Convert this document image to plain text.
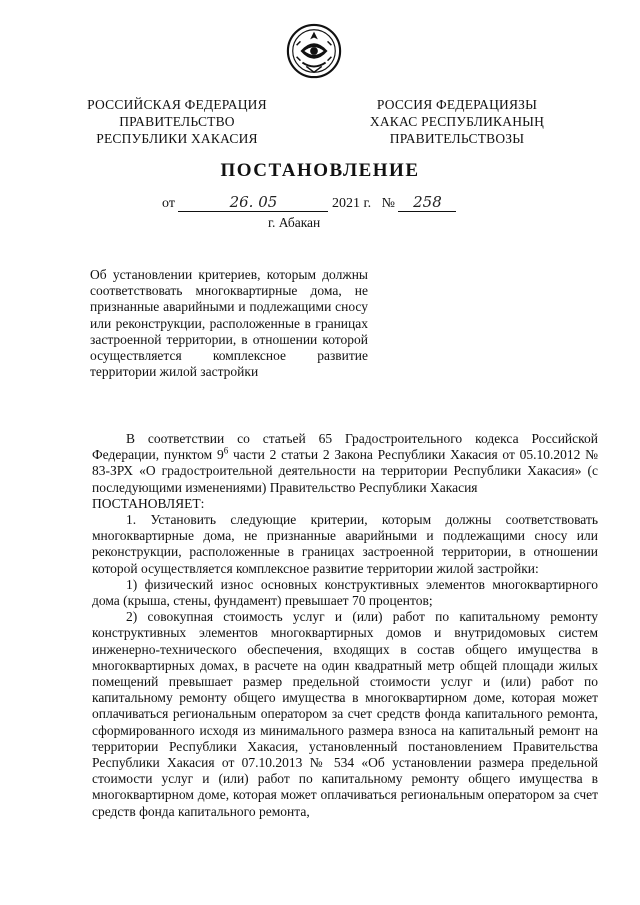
РОССИЙСКАЯ ФЕДЕРАЦИЯ
ПРАВИТЕЛЬСТВО
РЕСПУБЛИКИ ХАКАСИЯ
РОССИЯ ФЕДЕРАЦИЯЗЫ
ХАКАС РЕСПУБЛИКАНЫҢ
ПРАВИТЕЛЬСТВОЗЫ
ПОСТАНОВЛЕНИЕ
от	26. 05	2021 г. № 258
г. Абакан
Об установлении критериев, которым должны соответствовать многоквартирные дома, не признанные аварийными и подлежащими сносу или реконструкции, расположенные в границах застроенной территории, в отношении которой осуществляется комплексное развитие территории жилой застройки

В соответствии со статьей 65 Градостроительного кодекса Российской Федерации, пунктом $9^6$ части 2 статьи 2 Закона Республики Хакасия от 05.10.2012 № 83-ЗРХ «О градостроительной деятельности на территории Республики Хакасия» (с последующими изменениями) Правительство Республики Хакасия

ПОСТАНОВЛЯЕТ:

1. Установить следующие критерии, которым должны соответствовать многоквартирные дома, не признанные аварийными и подлежащими сносу или реконструкции, расположенные в границах застроенной территории, в отношении которой осуществляется комплексное развитие территории жилой застройки:

1) физический износ основных конструктивных элементов многоквартирного дома (крыша, стены, фундамент) превышает 70 процентов;

2) совокупная стоимость услуг и (или) работ по капитальному ремонту конструктивных элементов многоквартирных домов и внутридомовых систем инженерно-технического обеспечения, входящих в состав общего имущества в многоквартирных домах, в расчете на один квадратный метр общей площади жилых помещений превышает размер предельной стоимости услуг и (или) работ по капитальному ремонту общего имущества в многоквартирном доме, которая может оплачиваться региональным оператором за счет средств фонда капитального ремонта, сформированного исходя из минимального размера взноса на капитальный ремонт на территории Республики Хакасия, установленный постановлением Правительства Республики Хакасия от 07.10.2013 № 534 «Об установлении размера предельной стоимости услуг и (или) работ по капитальному ремонту общего имущества в многоквартирном доме, которая может оплачиваться региональным оператором за счет средств фонда капитального ремонта,
